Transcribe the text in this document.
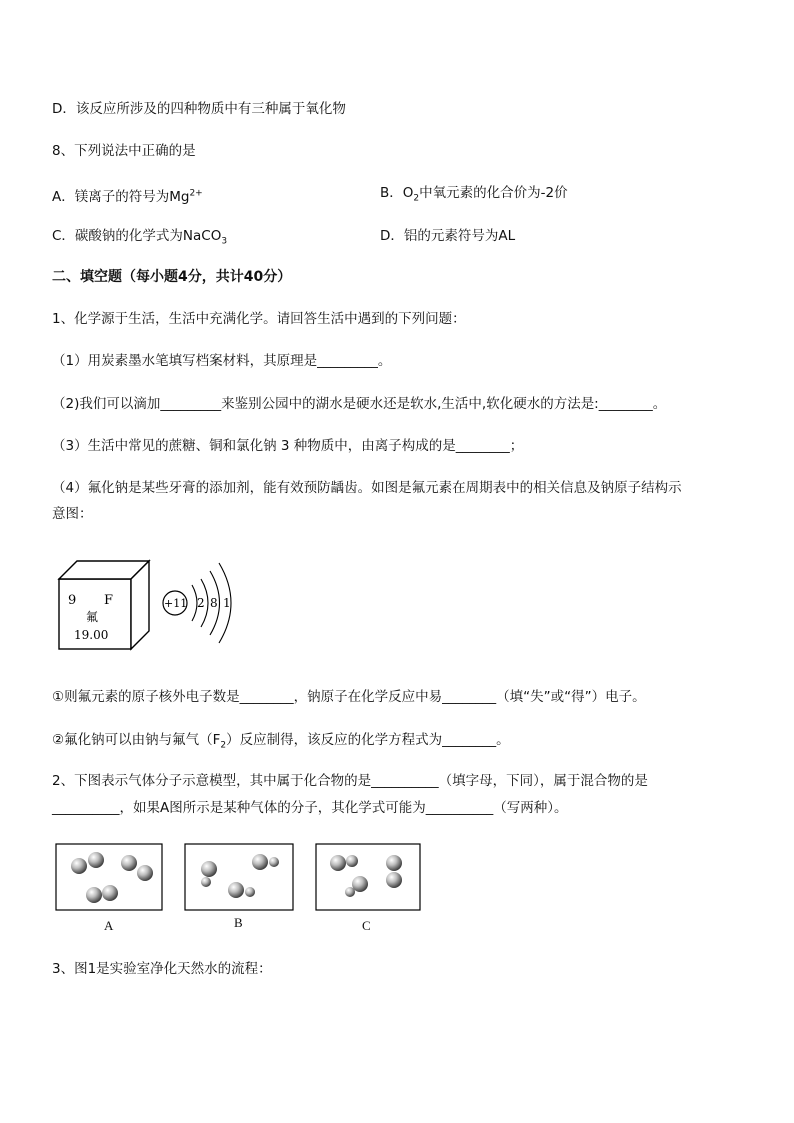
D．该反应所涉及的四种物质中有三种属于氧化物
8、下列说法中正确的是
A．镁离子的符号为$Mg^{2+}$	B．$O_2$中氧元素的化合价为-2价
C．碳酸钠的化学式为NaCO$_3$	D．铝的元素符号为AL
二、填空题（每小题4分，共计40分）
1、化学源于生活，生活中充满化学。请回答生活中遇到的下列问题：
（1）用炭素墨水笔填写档案材料，其原理是_________。
（2)我们可以滴加_________来鉴别公园中的湖水是硬水还是软水,生活中,软化硬水的方法是:________。
（3）生活中常见的蔗糖、铜和氯化钠 3 种物质中，由离子构成的是________；
（4）氟化钠是某些牙膏的添加剂，能有效预防龋齿。如图是氟元素在周期表中的相关信息及钠原子结构示
意图：
9 F
氟
19.00
+11 2 8 1
①则氟元素的原子核外电子数是________，钠原子在化学反应中易________（填“失”或“得”）电子。
②氟化钠可以由钠与氟气$(F_2)$反应制得，该反应的化学方程式为________。
2、下图表示气体分子示意模型，其中属于化合物的是__________（填字母，下同），属于混合物的是
__________，如果A图所示是某种气体的分子，其化学式可能为__________（写两种）。
A	B	C
3、图1是实验室净化天然水的流程：
